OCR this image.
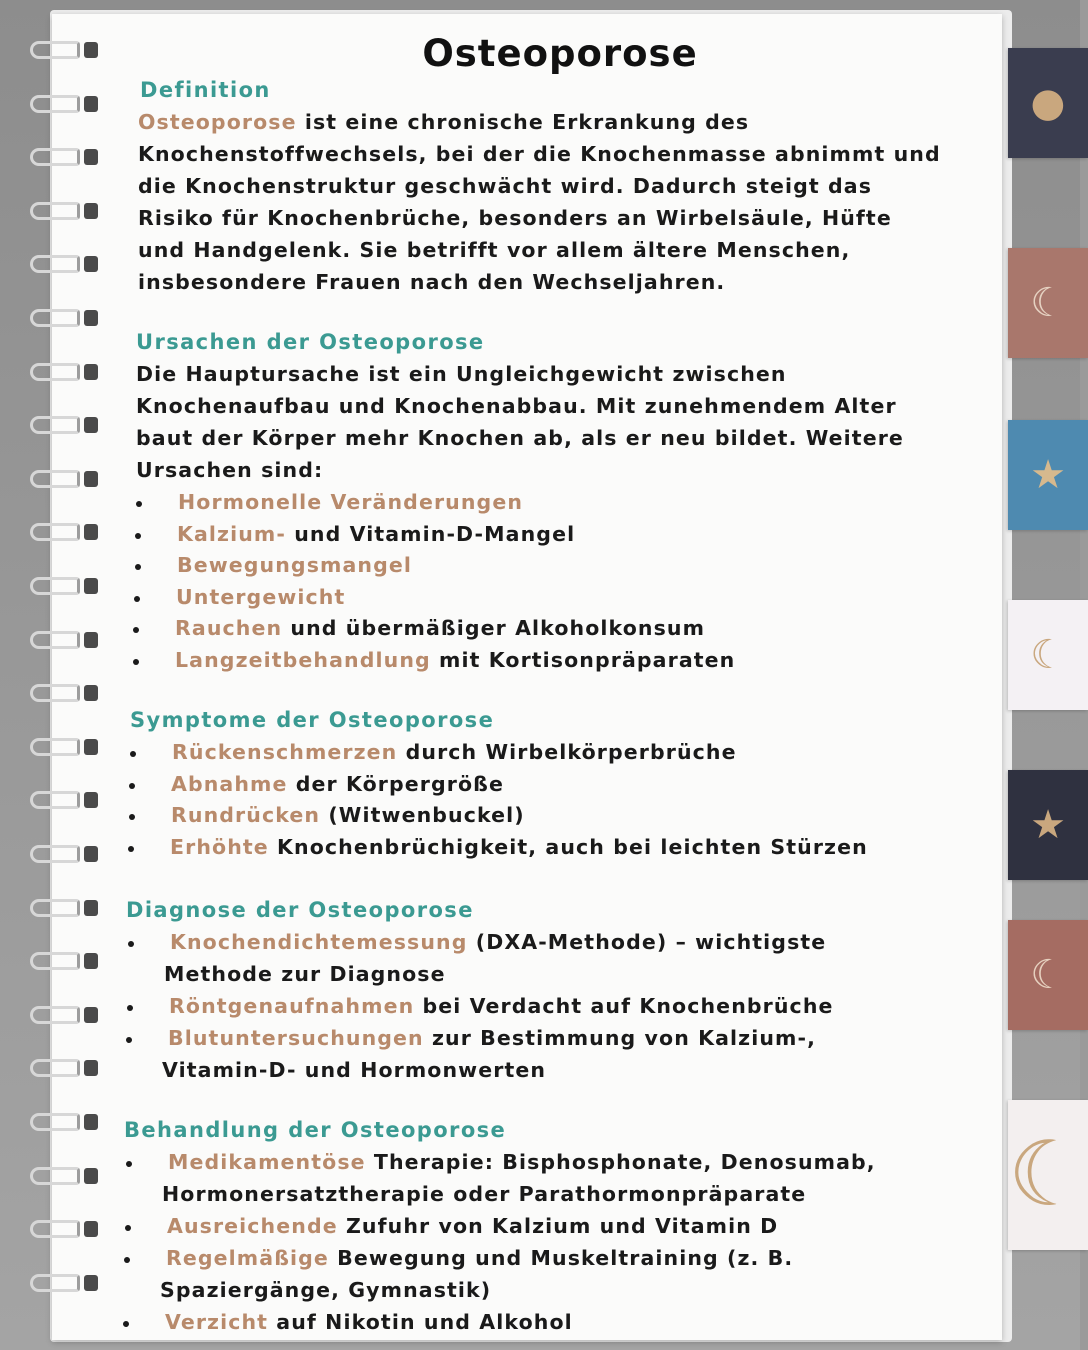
●
☾
★
☾
★
☾
☾
Osteoporose
Definition
Osteoporose ist eine chronische Erkrankung des
Knochenstoffwechsels, bei der die Knochenmasse abnimmt und
die Knochenstruktur geschwächt wird. Dadurch steigt das
Risiko für Knochenbrüche, besonders an Wirbelsäule, Hüfte
und Handgelenk. Sie betrifft vor allem ältere Menschen,
insbesondere Frauen nach den Wechseljahren.
Ursachen der Osteoporose
Die Hauptursache ist ein Ungleichgewicht zwischen
Knochenaufbau und Knochenabbau. Mit zunehmendem Alter
baut der Körper mehr Knochen ab, als er neu bildet. Weitere
Ursachen sind:
Hormonelle Veränderungen
Kalzium- und Vitamin-D-Mangel
Bewegungsmangel
Untergewicht
Rauchen und übermäßiger Alkoholkonsum
Langzeitbehandlung mit Kortisonpräparaten
Symptome der Osteoporose
Rückenschmerzen durch Wirbelkörperbrüche
Abnahme der Körpergröße
Rundrücken (Witwenbuckel)
Erhöhte Knochenbrüchigkeit, auch bei leichten Stürzen
Diagnose der Osteoporose
Knochendichtemessung (DXA-Methode) – wichtigste
Methode zur Diagnose
Röntgenaufnahmen bei Verdacht auf Knochenbrüche
Blutuntersuchungen zur Bestimmung von Kalzium-,
Vitamin-D- und Hormonwerten
Behandlung der Osteoporose
Medikamentöse Therapie: Bisphosphonate, Denosumab,
Hormonersatztherapie oder Parathormonpräparate
Ausreichende Zufuhr von Kalzium und Vitamin D
Regelmäßige Bewegung und Muskeltraining (z. B.
Spaziergänge, Gymnastik)
Verzicht auf Nikotin und Alkohol
